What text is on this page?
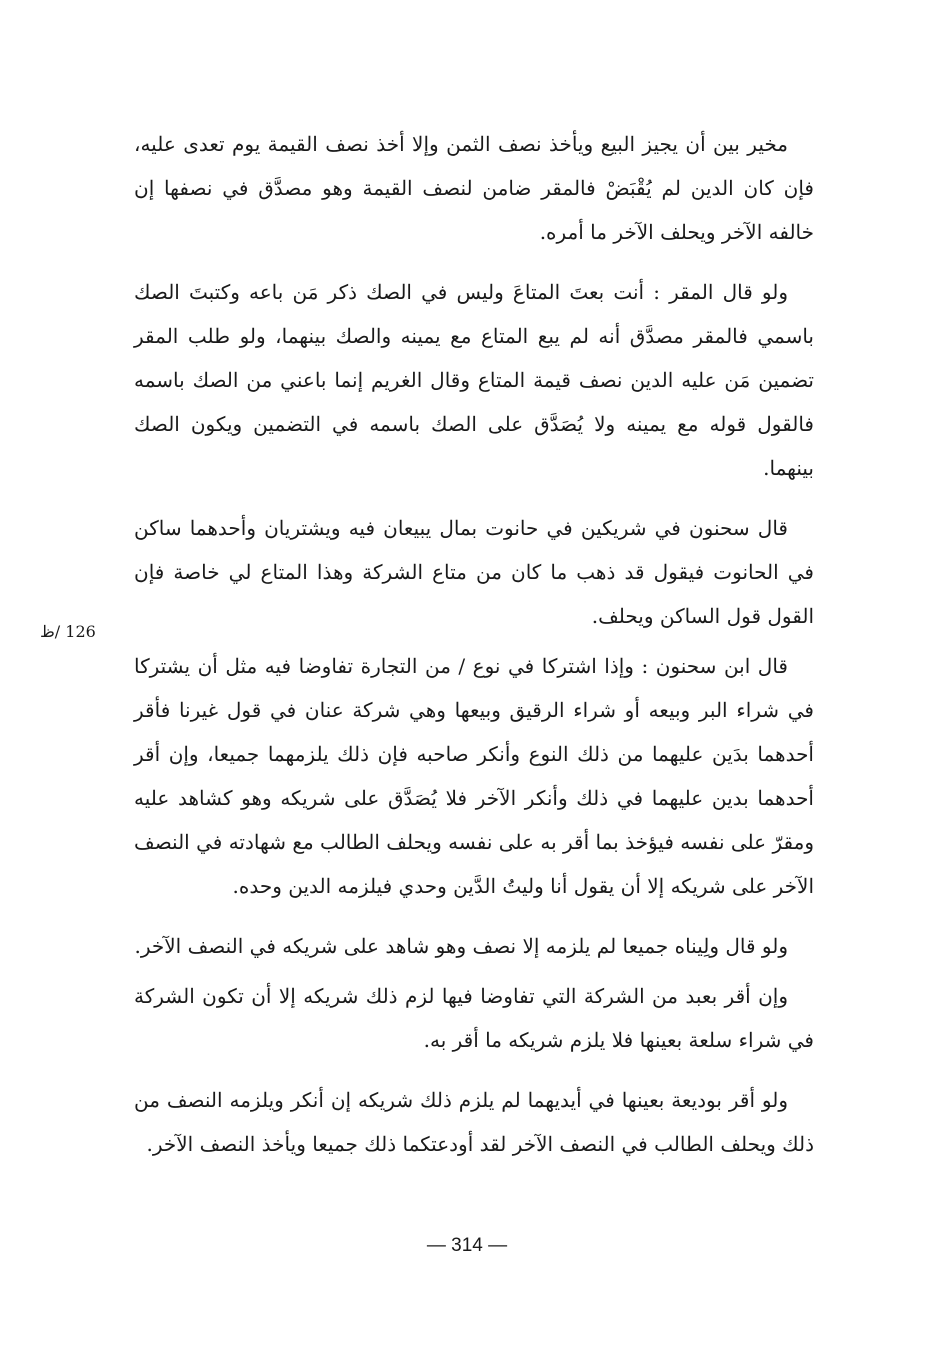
مخير بين أن يجيز البيع ويأخذ نصف الثمن وإلا أخذ نصف القيمة يوم تعدى عليه، فإن كان الدين لم يُقْبَضْ فالمقر ضامن لنصف القيمة وهو مصدَّق في نصفها إن خالفه الآخر ويحلف الآخر ما أمره.

ولو قال المقر : أنت بعتَ المتاعَ وليس في الصك ذكر مَن باعه وكتبتَ الصك باسمي فالمقر مصدَّق أنه لم يبع المتاع مع يمينه والصك بينهما، ولو طلب المقر تضمين مَن عليه الدين نصف قيمة المتاع وقال الغريم إنما باعني من الصك باسمه فالقول قوله مع يمينه ولا يُصَدَّق على الصك باسمه في التضمين ويكون الصك بينهما.

قال سحنون في شريكين في حانوت بمال يبيعان فيه ويشتريان وأحدهما ساكن في الحانوت فيقول قد ذهب ما كان من متاع الشركة وهذا المتاع لي خاصة فإن القول قول الساكن ويحلف.

قال ابن سحنون : وإذا اشتركا في نوع / من التجارة تفاوضا فيه مثل أن يشتركا في شراء البر وبيعه أو شراء الرقيق وبيعها وهي شركة عنان في قول غيرنا فأقر أحدهما بدَين عليهما من ذلك النوع وأنكر صاحبه فإن ذلك يلزمهما جميعا، وإن أقر أحدهما بدين عليهما في ذلك وأنكر الآخر فلا يُصَدَّق على شريكه وهو كشاهد عليه ومقرّ على نفسه فيؤخذ بما أقر به على نفسه ويحلف الطالب مع شهادته في النصف الآخر على شريكه إلا أن يقول أنا وليتُ الدَّين وحدي فيلزمه الدين وحده.

ولو قال ولِيناه جميعا لم يلزمه إلا نصف وهو شاهد على شريكه في النصف الآخر.

وإن أقر بعبد من الشركة التي تفاوضا فيها لزم ذلك شريكه إلا أن تكون الشركة في شراء سلعة بعينها فلا يلزم شريكه ما أقر به.

ولو أقر بوديعة بعينها في أيديهما لم يلزم ذلك شريكه إن أنكر ويلزمه النصف من ذلك ويحلف الطالب في النصف الآخر لقد أودعتكما ذلك جميعا ويأخذ النصف الآخر.

126 /ظ
— 314 —
